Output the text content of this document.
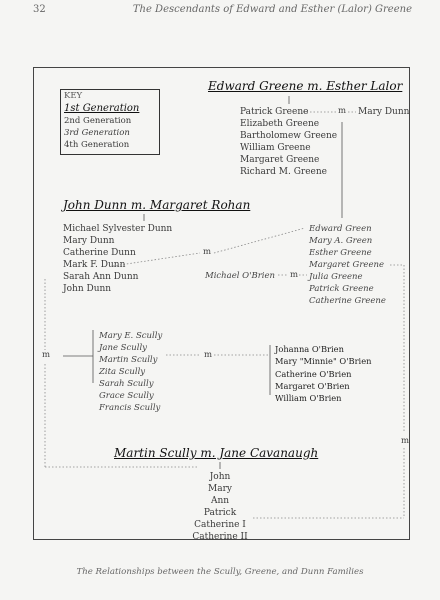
32	The Descendants of Edward and Esther (Lalor) Greene
KEY
1st Generation
2nd Generation
3rd Generation
4th Generation
Edward Greene m. Esther Lalor
Patrick Greene
Elizabeth Greene
Bartholomew Greene
William Greene
Margaret Greene
Richard M. Greene
m Mary Dunn
John Dunn m. Margaret Rohan
Michael Sylvester Dunn
Mary Dunn
Catherine Dunn
Mark F. Dunn
Sarah Ann Dunn
John Dunn
m
Edward Green
Mary A. Green
Esther Greene
Margaret Greene
Julia Greene
Patrick Greene
Catherine Greene
Michael O'Brien m
m
Mary E. Scully
Jane Scully
Martin Scully
Zita Scully
Sarah Scully
Grace Scully
Francis Scully
m
Johanna O'Brien
Mary "Minnie" O'Brien
Catherine O'Brien
Margaret O'Brien
William O'Brien
m
Martin Scully m. Jane Cavanaugh
John
Mary
Ann
Patrick
Catherine I
Catherine II
The Relationships between the Scully, Greene, and Dunn Families
